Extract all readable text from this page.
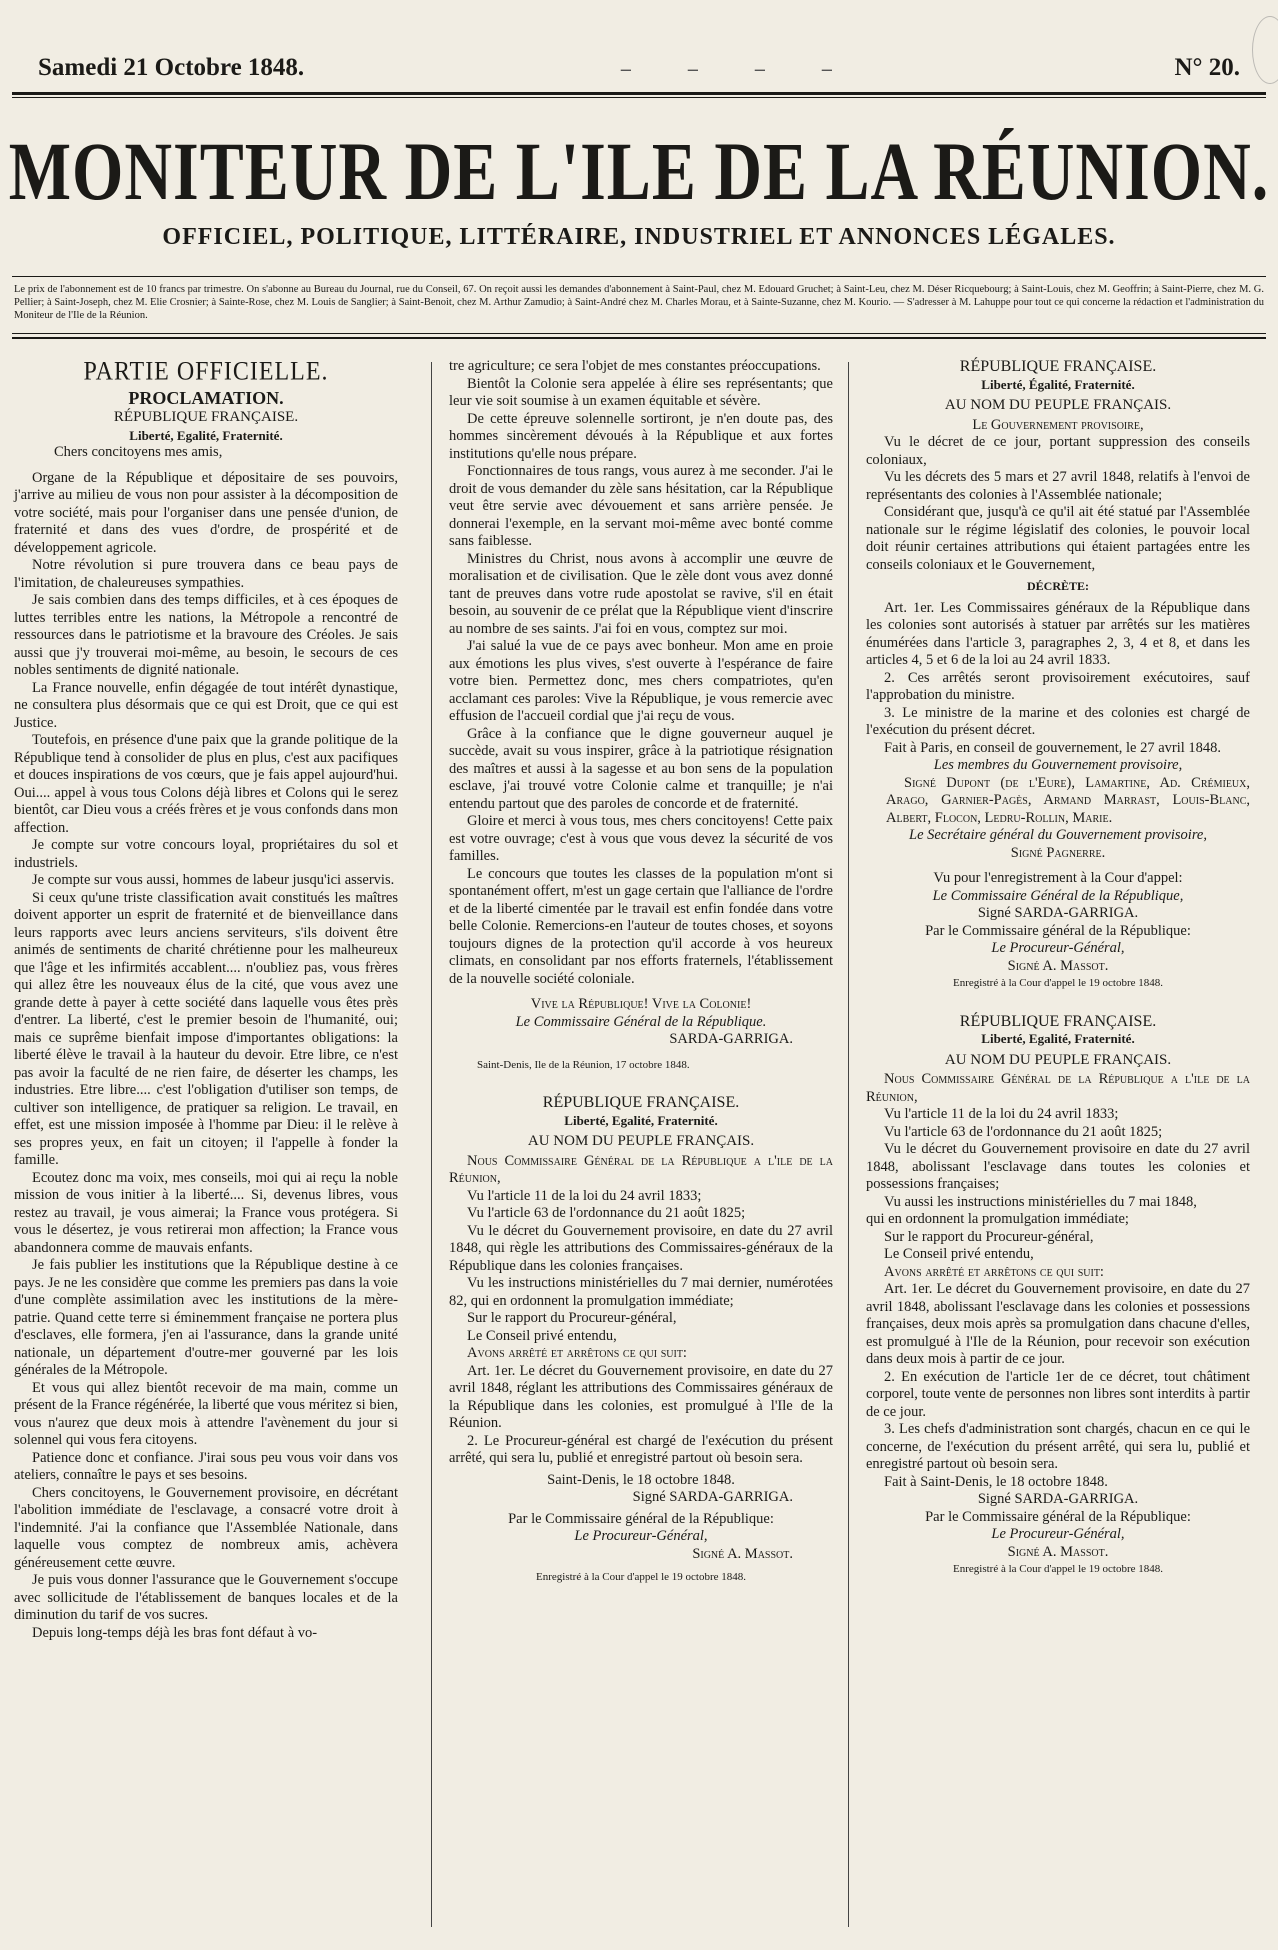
Samedi 21 Octobre 1848.	– – – –	N° 20.
MONITEUR DE L'ILE DE LA RÉUNION.
OFFICIEL, POLITIQUE, LITTÉRAIRE, INDUSTRIEL ET ANNONCES LÉGALES.
Le prix de l'abonnement est de 10 francs par trimestre. On s'abonne au Bureau du Journal, rue du Conseil, 67. On reçoit aussi les demandes d'abonnement à Saint-Paul, chez M. Edouard Gruchet; à Saint-Leu, chez M. Déser Ricquebourg; à Saint-Louis, chez M. Geoffrin; à Saint-Pierre, chez M. G. Pellier; à Saint-Joseph, chez M. Elie Crosnier; à Sainte-Rose, chez M. Louis de Sanglier; à Saint-Benoit, chez M. Arthur Zamudio; à Saint-André chez M. Charles Morau, et à Sainte-Suzanne, chez M. Kourio. — S'adresser à M. Lahuppe pour tout ce qui concerne la rédaction et l'administration du Moniteur de l'Ile de la Réunion.
PARTIE OFFICIELLE.
PROCLAMATION.
RÉPUBLIQUE FRANÇAISE.
Liberté, Egalité, Fraternité.

Chers concitoyens mes amis,

Organe de la République et dépositaire de ses pouvoirs, j'arrive au milieu de vous non pour assister à la décomposition de votre société, mais pour l'organiser dans une pensée d'union, de fraternité et dans des vues d'ordre, de prospérité et de développement agricole.

Notre révolution si pure trouvera dans ce beau pays de l'imitation, de chaleureuses sympathies.

Je sais combien dans des temps difficiles, et à ces époques de luttes terribles entre les nations, la Métropole a rencontré de ressources dans le patriotisme et la bravoure des Créoles. Je sais aussi que j'y trouverai moi-même, au besoin, le secours de ces nobles sentiments de dignité nationale.

La France nouvelle, enfin dégagée de tout intérêt dynastique, ne consultera plus désormais que ce qui est Droit, que ce qui est Justice.

Toutefois, en présence d'une paix que la grande politique de la République tend à consolider de plus en plus, c'est aux pacifiques et douces inspirations de vos cœurs, que je fais appel aujourd'hui. Oui.... appel à vous tous Colons déjà libres et Colons qui le serez bientôt, car Dieu vous a créés frères et je vous confonds dans mon affection.

Je compte sur votre concours loyal, propriétaires du sol et industriels.

Je compte sur vous aussi, hommes de labeur jusqu'ici asservis.

Si ceux qu'une triste classification avait constitués les maîtres doivent apporter un esprit de fraternité et de bienveillance dans leurs rapports avec leurs anciens serviteurs, s'ils doivent être animés de sentiments de charité chrétienne pour les malheureux que l'âge et les infirmités accablent.... n'oubliez pas, vous frères qui allez être les nouveaux élus de la cité, que vous avez une grande dette à payer à cette société dans laquelle vous êtes près d'entrer. La liberté, c'est le premier besoin de l'humanité, oui; mais ce suprême bienfait impose d'importantes obligations: la liberté élève le travail à la hauteur du devoir. Etre libre, ce n'est pas avoir la faculté de ne rien faire, de déserter les champs, les industries. Etre libre.... c'est l'obligation d'utiliser son temps, de cultiver son intelligence, de pratiquer sa religion. Le travail, en effet, est une mission imposée à l'homme par Dieu: il le relève à ses propres yeux, en fait un citoyen; il l'appelle à fonder la famille.

Ecoutez donc ma voix, mes conseils, moi qui ai reçu la noble mission de vous initier à la liberté.... Si, devenus libres, vous restez au travail, je vous aimerai; la France vous protégera. Si vous le désertez, je vous retirerai mon affection; la France vous abandonnera comme de mauvais enfants.

Je fais publier les institutions que la République destine à ce pays. Je ne les considère que comme les premiers pas dans la voie d'une complète assimilation avec les institutions de la mère-patrie. Quand cette terre si éminemment française ne portera plus d'esclaves, elle formera, j'en ai l'assurance, dans la grande unité nationale, un département d'outre-mer gouverné par les lois générales de la Métropole.

Et vous qui allez bientôt recevoir de ma main, comme un présent de la France régénérée, la liberté que vous méritez si bien, vous n'aurez que deux mois à attendre l'avènement du jour si solennel qui vous fera citoyens.

Patience donc et confiance. J'irai sous peu vous voir dans vos ateliers, connaître le pays et ses besoins.

Chers concitoyens, le Gouvernement provisoire, en décrétant l'abolition immédiate de l'esclavage, a consacré votre droit à l'indemnité. J'ai la confiance que l'Assemblée Nationale, dans laquelle vous comptez de nombreux amis, achèvera généreusement cette œuvre.

Je puis vous donner l'assurance que le Gouvernement s'occupe avec sollicitude de l'établissement de banques locales et de la diminution du tarif de vos sucres.

Depuis long-temps déjà les bras font défaut à vo-

tre agriculture; ce sera l'objet de mes constantes préoccupations.

Bientôt la Colonie sera appelée à élire ses représentants; que leur vie soit soumise à un examen équitable et sévère.

De cette épreuve solennelle sortiront, je n'en doute pas, des hommes sincèrement dévoués à la République et aux fortes institutions qu'elle nous prépare.

Fonctionnaires de tous rangs, vous aurez à me seconder. J'ai le droit de vous demander du zèle sans hésitation, car la République veut être servie avec dévouement et sans arrière pensée. Je donnerai l'exemple, en la servant moi-même avec bonté comme sans faiblesse.

Ministres du Christ, nous avons à accomplir une œuvre de moralisation et de civilisation. Que le zèle dont vous avez donné tant de preuves dans votre rude apostolat se ravive, s'il en était besoin, au souvenir de ce prélat que la République vient d'inscrire au nombre de ses saints. J'ai foi en vous, comptez sur moi.

J'ai salué la vue de ce pays avec bonheur. Mon ame en proie aux émotions les plus vives, s'est ouverte à l'espérance de faire votre bien. Permettez donc, mes chers compatriotes, qu'en acclamant ces paroles: Vive la République, je vous remercie avec effusion de l'accueil cordial que j'ai reçu de vous.

Grâce à la confiance que le digne gouverneur auquel je succède, avait su vous inspirer, grâce à la patriotique résignation des maîtres et aussi à la sagesse et au bon sens de la population esclave, j'ai trouvé votre Colonie calme et tranquille; je n'ai entendu partout que des paroles de concorde et de fraternité.

Gloire et merci à vous tous, mes chers concitoyens! Cette paix est votre ouvrage; c'est à vous que vous devez la sécurité de vos familles.

Le concours que toutes les classes de la population m'ont si spontanément offert, m'est un gage certain que l'alliance de l'ordre et de la liberté cimentée par le travail est enfin fondée dans votre belle Colonie. Remercions-en l'auteur de toutes choses, et soyons toujours dignes de la protection qu'il accorde à vos heureux climats, en consolidant par nos efforts fraternels, l'établissement de la nouvelle société coloniale.

Vive la République! Vive la Colonie!

Le Commissaire Général de la République.

SARDA-GARRIGA.

Saint-Denis, Ile de la Réunion, 17 octobre 1848.

RÉPUBLIQUE FRANÇAISE.
Liberté, Egalité, Fraternité.
AU NOM DU PEUPLE FRANÇAIS.

Nous Commissaire Général de la République a l'ile de la Réunion,

Vu l'article 11 de la loi du 24 avril 1833;

Vu l'article 63 de l'ordonnance du 21 août 1825;

Vu le décret du Gouvernement provisoire, en date du 27 avril 1848, qui règle les attributions des Commissaires-généraux de la République dans les colonies françaises.

Vu les instructions ministérielles du 7 mai dernier, numérotées 82, qui en ordonnent la promulgation immédiate;

Sur le rapport du Procureur-général,

Le Conseil privé entendu,

Avons arrêté et arrêtons ce qui suit:

Art. 1er. Le décret du Gouvernement provisoire, en date du 27 avril 1848, réglant les attributions des Commissaires généraux de la République dans les colonies, est promulgué à l'Ile de la Réunion.

2. Le Procureur-général est chargé de l'exécution du présent arrêté, qui sera lu, publié et enregistré partout où besoin sera.

Saint-Denis, le 18 octobre 1848.

Signé SARDA-GARRIGA.

Par le Commissaire général de la République:

Le Procureur-Général,

Signé A. Massot.

Enregistré à la Cour d'appel le 19 octobre 1848.

RÉPUBLIQUE FRANÇAISE.
Liberté, Égalité, Fraternité.
AU NOM DU PEUPLE FRANÇAIS.

Le Gouvernement provisoire,

Vu le décret de ce jour, portant suppression des conseils coloniaux,

Vu les décrets des 5 mars et 27 avril 1848, relatifs à l'envoi de représentants des colonies à l'Assemblée nationale;

Considérant que, jusqu'à ce qu'il ait été statué par l'Assemblée nationale sur le régime législatif des colonies, le pouvoir local doit réunir certaines attributions qui étaient partagées entre les conseils coloniaux et le Gouvernement,

DÉCRÈTE:

Art. 1er. Les Commissaires généraux de la République dans les colonies sont autorisés à statuer par arrêtés sur les matières énumérées dans l'article 3, paragraphes 2, 3, 4 et 8, et dans les articles 4, 5 et 6 de la loi au 24 avril 1833.

2. Ces arrêtés seront provisoirement exécutoires, sauf l'approbation du ministre.

3. Le ministre de la marine et des colonies est chargé de l'exécution du présent décret.

Fait à Paris, en conseil de gouvernement, le 27 avril 1848.

Les membres du Gouvernement provisoire,

Signé Dupont (de l'Eure), Lamartine, Ad. Crémieux, Arago, Garnier-Pagès, Armand Marrast, Louis-Blanc, Albert, Flocon, Ledru-Rollin, Marie.

Le Secrétaire général du Gouvernement provisoire,

Signé Pagnerre.

Vu pour l'enregistrement à la Cour d'appel:

Le Commissaire Général de la République,

Signé SARDA-GARRIGA.

Par le Commissaire général de la République:

Le Procureur-Général,

Signé A. Massot.

Enregistré à la Cour d'appel le 19 octobre 1848.

RÉPUBLIQUE FRANÇAISE.
Liberté, Egalité, Fraternité.
AU NOM DU PEUPLE FRANÇAIS.

Nous Commissaire Général de la République a l'ile de la Réunion,

Vu l'article 11 de la loi du 24 avril 1833;

Vu l'article 63 de l'ordonnance du 21 août 1825;

Vu le décret du Gouvernement provisoire en date du 27 avril 1848, abolissant l'esclavage dans toutes les colonies et possessions françaises;

Vu aussi les instructions ministérielles du 7 mai 1848,

qui en ordonnent la promulgation immédiate;

Sur le rapport du Procureur-général,

Le Conseil privé entendu,

Avons arrêté et arrêtons ce qui suit:

Art. 1er. Le décret du Gouvernement provisoire, en date du 27 avril 1848, abolissant l'esclavage dans les colonies et possessions françaises, deux mois après sa promulgation dans chacune d'elles, est promulgué à l'Ile de la Réunion, pour recevoir son exécution dans deux mois à partir de ce jour.

2. En exécution de l'article 1er de ce décret, tout châtiment corporel, toute vente de personnes non libres sont interdits à partir de ce jour.

3. Les chefs d'administration sont chargés, chacun en ce qui le concerne, de l'exécution du présent arrêté, qui sera lu, publié et enregistré partout où besoin sera.

Fait à Saint-Denis, le 18 octobre 1848.

Signé SARDA-GARRIGA.

Par le Commissaire général de la République:

Le Procureur-Général,

Signé A. Massot.

Enregistré à la Cour d'appel le 19 octobre 1848.
